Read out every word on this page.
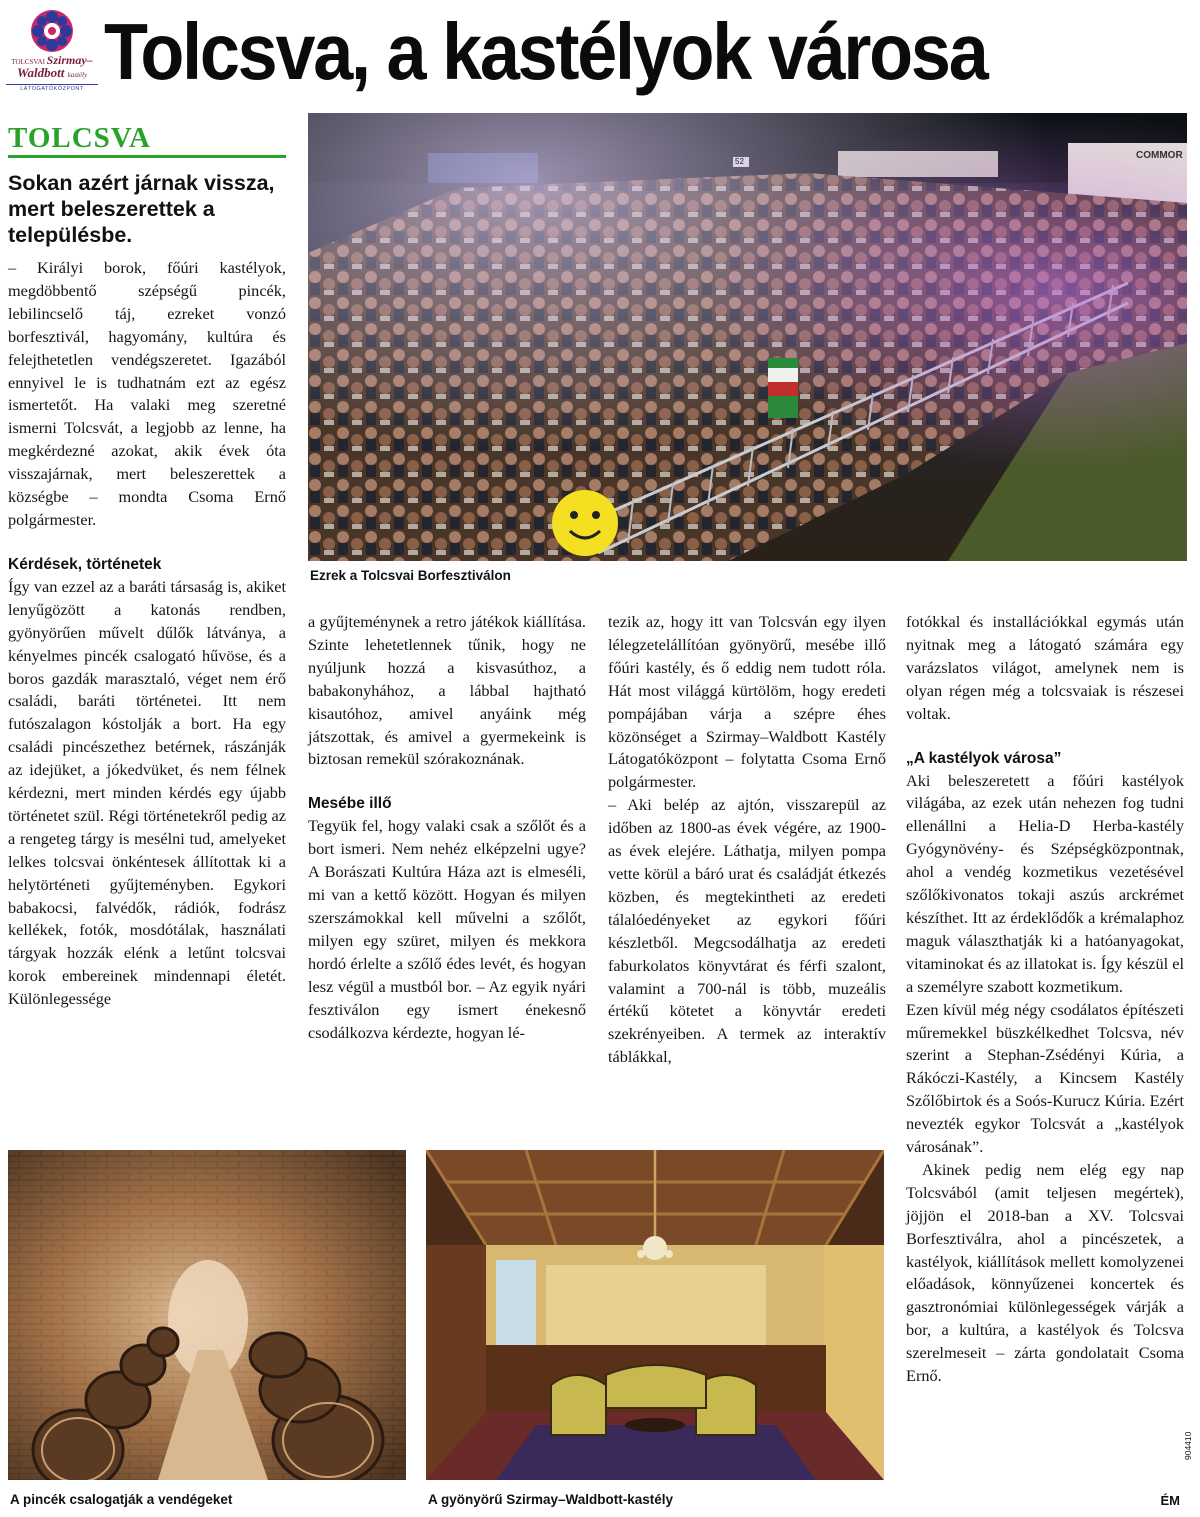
TOLCSVAI Szirmay–
Waldbott kastély
LÁTOGATÓKÖZPONT Tolcsva, a kastélyok városa
TOLCSVA
Sokan azért járnak vissza, mert beleszerettek a településbe.
COMMOR
52
Ezrek a Tolcsvai Borfesztiválon

– Királyi borok, főúri kastélyok, megdöbbentő szépségű pincék, lebilincselő táj, ezreket vonzó borfesztivál, hagyomány, kultúra és felejthetetlen vendégszeretet. Igazából ennyivel le is tudhatnám ezt az egész ismertetőt. Ha valaki meg szeretné ismerni Tolcsvát, a legjobb az lenne, ha megkérdezné azokat, akik évek óta visszajárnak, mert beleszerettek a községbe – mondta Csoma Ernő polgármester.

Kérdések, történetek

Így van ezzel az a baráti társaság is, akiket lenyűgözött a katonás rendben, gyönyörűen művelt dűlők látványa, a kényelmes pincék csalogató hűvöse, és a boros gazdák marasztaló, véget nem érő családi, baráti történetei. Itt nem futószalagon kóstolják a bort. Ha egy családi pincészethez betérnek, rászánják az idejüket, a jókedvüket, és nem félnek kérdezni, mert minden kérdés egy újabb történetet szül. Régi történetekről pedig az a rengeteg tárgy is mesélni tud, amelyeket lelkes tolcsvai önkéntesek állítottak ki a helytörténeti gyűjteményben. Egykori babakocsi, falvédők, rádiók, fodrász kellékek, fotók, mosdótálak, használati tárgyak hozzák elénk a letűnt tolcsvai korok embereinek mindennapi életét. Különlegessége

a gyűjteménynek a retro játékok kiállítása. Szinte lehetetlennek tűnik, hogy ne nyúljunk hozzá a kisvasúthoz, a babakonyhához, a lábbal hajtható kisautóhoz, amivel anyáink még játszottak, és amivel a gyermekeink is biztosan remekül szórakoznának.

Mesébe illő

Tegyük fel, hogy valaki csak a szőlőt és a bort ismeri. Nem nehéz elképzelni ugye? A Borászati Kultúra Háza azt is elmeséli, mi van a kettő között. Hogyan és milyen szerszámokkal kell művelni a szőlőt, milyen egy szüret, milyen és mekkora hordó érlelte a szőlő édes levét, és hogyan lesz végül a mustból bor. – Az egyik nyári fesztiválon egy ismert énekesnő csodálkozva kérdezte, hogyan lé-

tezik az, hogy itt van Tolcsván egy ilyen lélegzetelállítóan gyönyörű, mesébe illő főúri kastély, és ő eddig nem tudott róla. Hát most világgá kürtölöm, hogy eredeti pompájában várja a szépre éhes közönséget a Szirmay–Waldbott Kastély Látogatóközpont – folytatta Csoma Ernő polgármester.

– Aki belép az ajtón, visszarepül az időben az 1800-as évek végére, az 1900-as évek elejére. Láthatja, milyen pompa vette körül a báró urat és családját étkezés közben, és megtekintheti az eredeti tálalóedényeket az egykori főúri készletből. Megcsodálhatja az eredeti faburkolatos könyvtárat és férfi szalont, valamint a 700-nál is több, muzeális értékű kötetet a könyvtár eredeti szekrényeiben. A termek az interaktív táblákkal,

fotókkal és installációkkal egymás után nyitnak meg a látogató számára egy varázslatos világot, amelynek nem is olyan régen még a tolcsvaiak is részesei voltak.

„A kastélyok városa”

Aki beleszeretett a főúri kastélyok világába, az ezek után nehezen fog tudni ellenállni a Helia-D Herba-kastély Gyógynövény- és Szépségközpontnak, ahol a vendég kozmetikus vezetésével szőlőkivonatos tokaji aszús arckrémet készíthet. Itt az érdeklődők a krémalaphoz maguk választhatják ki a hatóanyagokat, vitaminokat és az illatokat is. Így készül el a személyre szabott kozmetikum.

Ezen kívül még négy csodálatos építészeti műremekkel büszkélkedhet Tolcsva, név szerint a Stephan-Zsédényi Kúria, a Rákóczi-Kastély, a Kincsem Kastély Szőlőbirtok és a Soós-Kurucz Kúria. Ezért nevezték egykor Tolcsvát a „kastélyok városának”.

Akinek pedig nem elég egy nap Tolcsvából (amit teljesen megértek), jöjjön el 2018-ban a XV. Tolcsvai Borfesztiválra, ahol a pincészetek, a kastélyok, kiállítások mellett komolyzenei előadások, könnyűzenei koncertek és gasztronómiai különlegességek várják a bor, a kultúra, a kastélyok és Tolcsva szerelmeseit – zárta gondolatait Csoma Ernő.

A pincék csalogatják a vendégeket	A gyönyörű Szirmay–Waldbott-kastély	ÉM
904410
